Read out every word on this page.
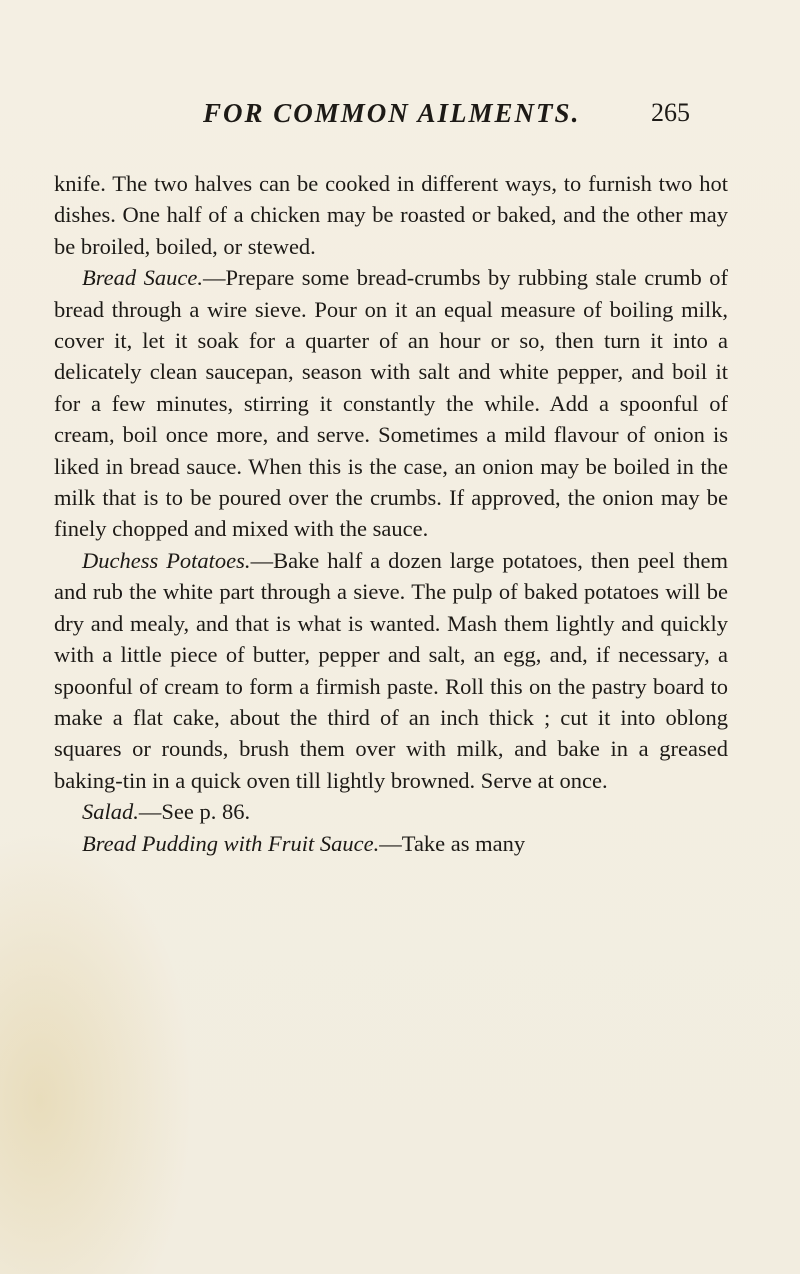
FOR COMMON AILMENTS.	265

knife. The two halves can be cooked in different ways, to furnish two hot dishes. One half of a chicken may be roasted or baked, and the other may be broiled, boiled, or stewed.

Bread Sauce.—Prepare some bread-crumbs by rubbing stale crumb of bread through a wire sieve. Pour on it an equal measure of boiling milk, cover it, let it soak for a quarter of an hour or so, then turn it into a delicately clean saucepan, season with salt and white pepper, and boil it for a few minutes, stirring it constantly the while. Add a spoonful of cream, boil once more, and serve. Sometimes a mild flavour of onion is liked in bread sauce. When this is the case, an onion may be boiled in the milk that is to be poured over the crumbs. If approved, the onion may be finely chopped and mixed with the sauce.

Duchess Potatoes.—Bake half a dozen large potatoes, then peel them and rub the white part through a sieve. The pulp of baked potatoes will be dry and mealy, and that is what is wanted. Mash them lightly and quickly with a little piece of butter, pepper and salt, an egg, and, if necessary, a spoonful of cream to form a firmish paste. Roll this on the pastry board to make a flat cake, about the third of an inch thick ; cut it into oblong squares or rounds, brush them over with milk, and bake in a greased baking-tin in a quick oven till lightly browned. Serve at once.

Salad.—See p. 86.

Bread Pudding with Fruit Sauce.—Take as many
